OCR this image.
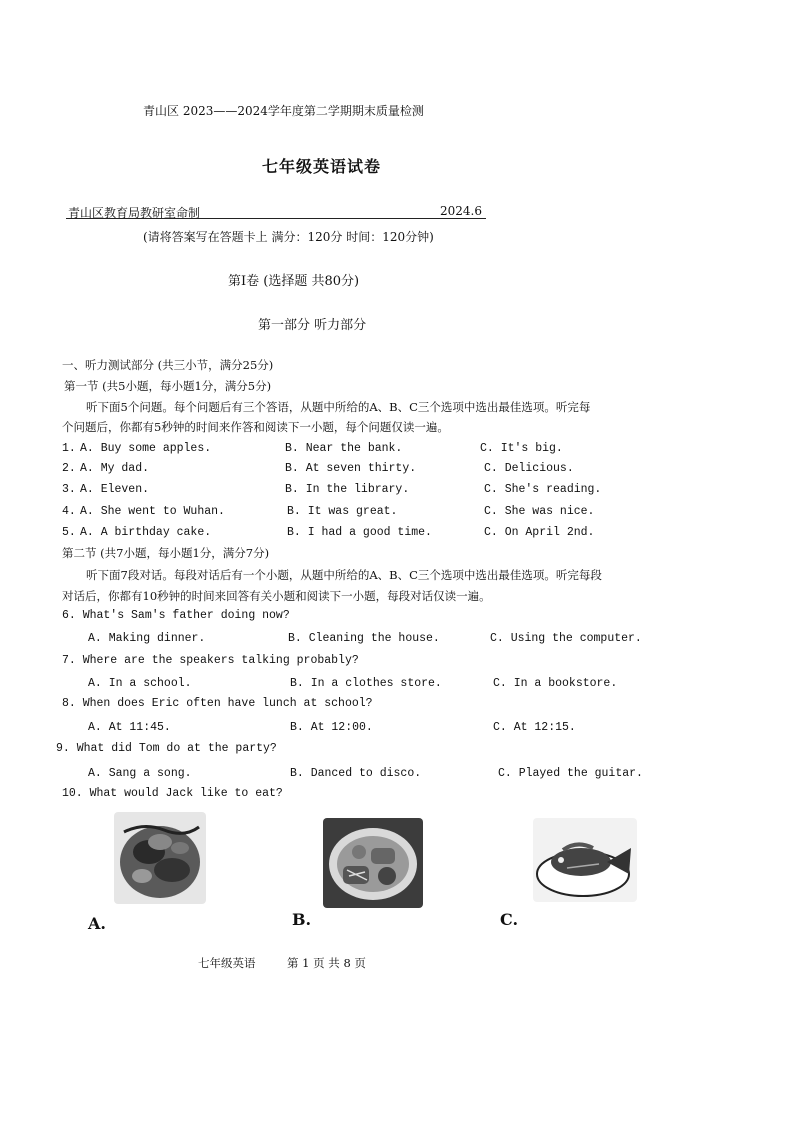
青山区 2023——2024学年度第二学期期末质量检测
七年级英语试卷
青山区教育局教研室命制	2024.6
(请将答案写在答题卡上 满分：120分 时间：120分钟)
第Ⅰ卷 (选择题 共80分)
第一部分 听力部分
一、听力测试部分 (共三小节，满分25分)
第一节 (共5小题，每小题1分，满分5分)
听下面5个问题。每个问题后有三个答语，从题中所给的A、B、C三个选项中选出最佳选项。听完每
个问题后，你都有5秒钟的时间来作答和阅读下一小题，每个问题仅读一遍。
1. A. Buy some apples.	B. Near the bank.	C. It's big.
2. A. My dad.	B. At seven thirty.	C. Delicious.
3. A. Eleven.	B. In the library.	C. She's reading.
4. A. She went to Wuhan.	B. It was great.	C. She was nice.
5. A. A birthday cake.	B. I had a good time.	C. On April 2nd.
第二节 (共7小题，每小题1分，满分7分)
听下面7段对话。每段对话后有一个小题，从题中所给的A、B、C三个选项中选出最佳选项。听完每段
对话后，你都有10秒钟的时间来回答有关小题和阅读下一小题，每段对话仅读一遍。
6. What's Sam's father doing now?
A. Making dinner.	B. Cleaning the house.	C. Using the computer.
7. Where are the speakers talking probably?
A. In a school.	B. In a clothes store.	C. In a bookstore.
8. When does Eric often have lunch at school?
A. At 11:45.	B. At 12:00.	C. At 12:15.
9. What did Tom do at the party?
A. Sang a song.	B. Danced to disco.	C. Played the guitar.
10. What would Jack like to eat?
A.	B.	C.
七年级英语	第 1 页 共 8 页
